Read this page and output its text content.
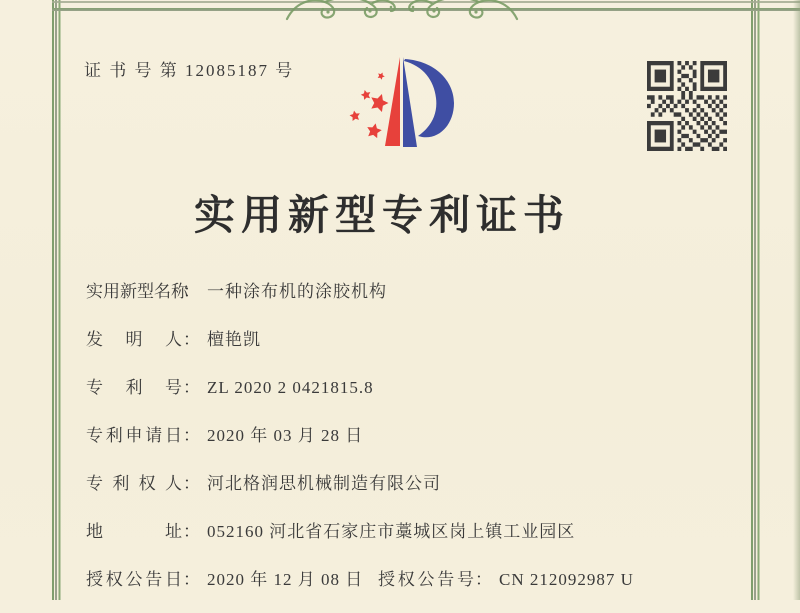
证 书 号 第 12085187 号
实用新型专利证书
实用新型名称： 一种涂布机的涂胶机构
发明人： 檀艳凯
专利号： ZL 2020 2 0421815.8
专利申请日： 2020 年 03 月 28 日
专利权人： 河北格润思机械制造有限公司
地址： 052160 河北省石家庄市藁城区岗上镇工业园区
授权公告日： 2020 年 12 月 08 日 授权公告号： CN 212092987 U
